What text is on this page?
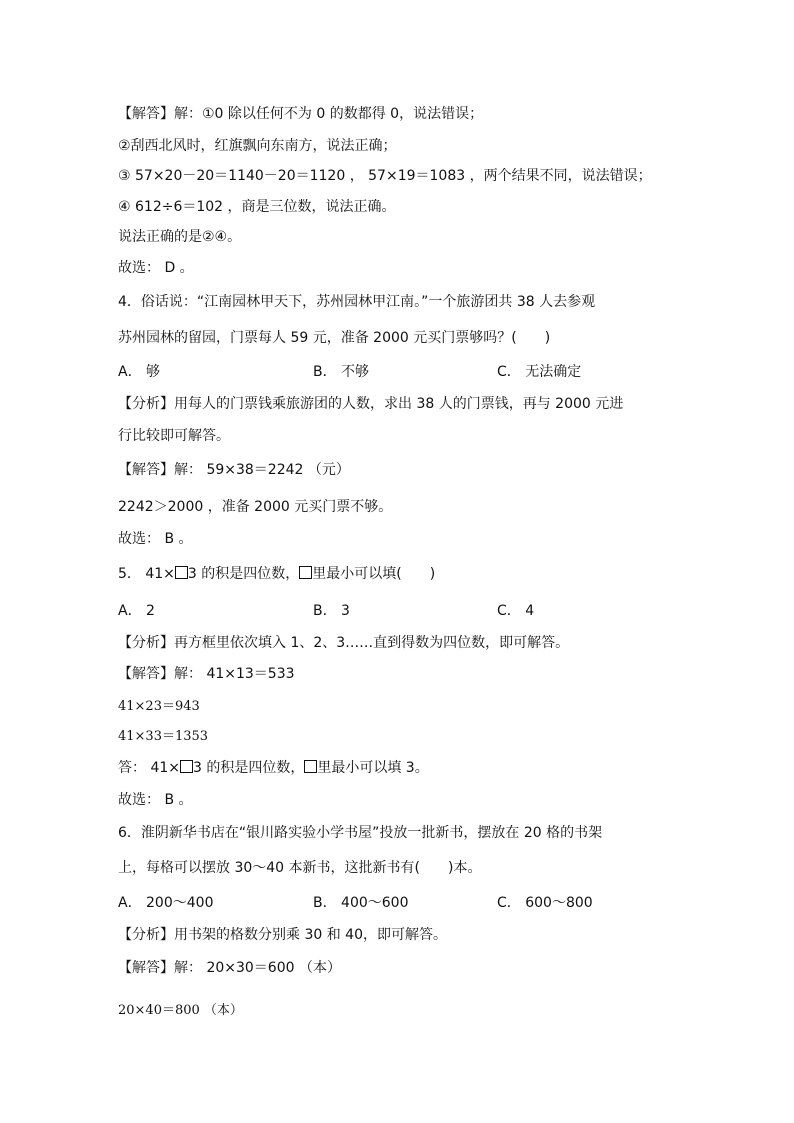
【解答】解：①0 除以任何不为 0 的数都得 0，说法错误；
②刮西北风时，红旗飘向东南方，说法正确；
③ 57×20－20＝1140－20＝1120 ， 57×19＝1083 ，两个结果不同，说法错误；
④ 612÷6＝102 ，商是三位数，说法正确。
说法正确的是②④。
故选： D 。
4．俗话说：“江南园林甲天下，苏州园林甲江南。”一个旅游团共 38 人去参观
苏州园林的留园，门票每人 59 元，准备 2000 元买门票够吗？(　　)
A． 够	B． 不够	C． 无法确定
【分析】用每人的门票钱乘旅游团的人数，求出 38 人的门票钱，再与 2000 元进
行比较即可解答。
【解答】解： 59×38＝2242 （元）
2242＞2000 ，准备 2000 元买门票不够。
故选： B 。
5． 41× 3 的积是四位数， 里最小可以填(　　)
A． 2	B． 3	C． 4
【分析】再方框里依次填入 1、2、3……直到得数为四位数，即可解答。
【解答】解： 41×13＝533
41×23＝943
41×33＝1353
答： 41× 3 的积是四位数， 里最小可以填 3。
故选： B 。
6．淮阴新华书店在“银川路实验小学书屋”投放一批新书，摆放在 20 格的书架
上，每格可以摆放 30～40 本新书，这批新书有(　　)本。
A． 200～400	B． 400～600	C． 600～800
【分析】用书架的格数分别乘 30 和 40，即可解答。
【解答】解： 20×30＝600 （本）
20×40＝800 （本）
